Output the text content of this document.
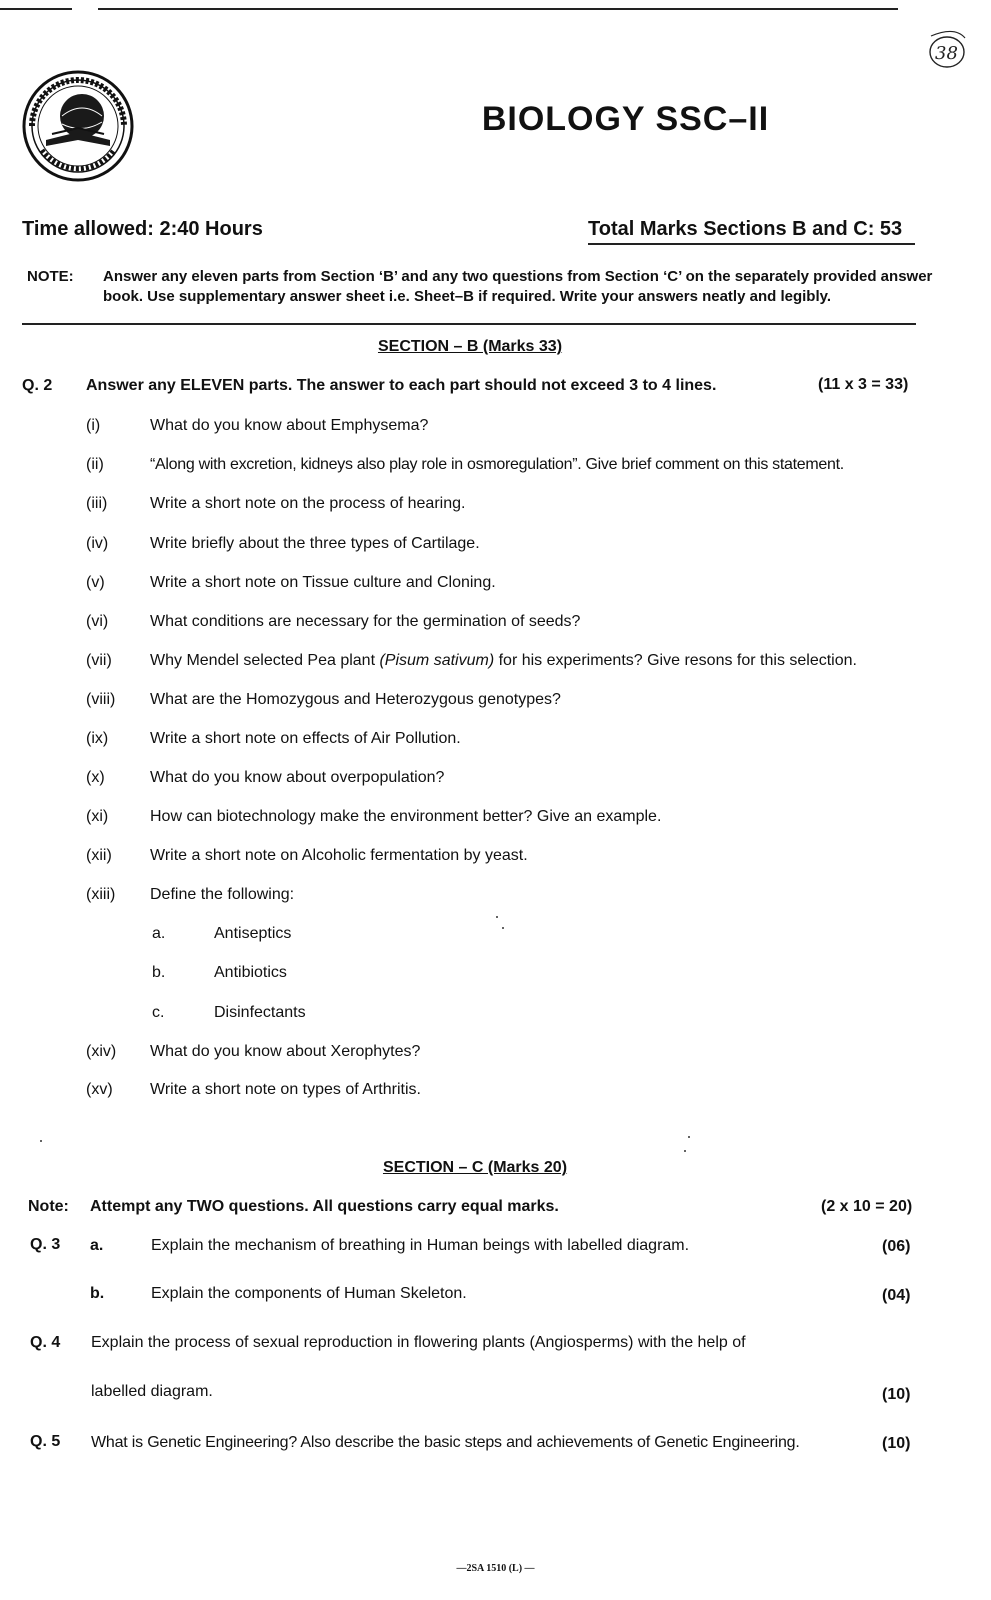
38
BIOLOGY SSC–II
Time allowed: 2:40 Hours	Total Marks Sections B and C: 53
NOTE: Answer any eleven parts from Section ‘B’ and any two questions from Section ‘C’ on the separately provided answer book. Use supplementary answer sheet i.e. Sheet–B if required. Write your answers neatly and legibly.
SECTION – B (Marks 33)
Q. 2 Answer any ELEVEN parts. The answer to each part should not exceed 3 to 4 lines.	(11 x 3 = 33)
(i)	What do you know about Emphysema?
(ii)	“Along with excretion, kidneys also play role in osmoregulation”. Give brief comment on this statement.
(iii)	Write a short note on the process of hearing.
(iv)	Write briefly about the three types of Cartilage.
(v)	Write a short note on Tissue culture and Cloning.
(vi)	What conditions are necessary for the germination of seeds?
(vii) Why Mendel selected Pea plant (Pisum sativum) for his experiments? Give resons for this selection.
(viii) What are the Homozygous and Heterozygous genotypes?
(ix)	Write a short note on effects of Air Pollution.
(x)	What do you know about overpopulation?
(xi)	How can biotechnology make the environment better? Give an example.
(xii) Write a short note on Alcoholic fermentation by yeast.
(xiii) Define the following:
a.	Antiseptics
b.	Antibiotics
c.	Disinfectants
(xiv) What do you know about Xerophytes?
(xv) Write a short note on types of Arthritis.
SECTION – C (Marks 20)
Note: Attempt any TWO questions. All questions carry equal marks.	(2 x 10 = 20)
Q. 3 a.	Explain the mechanism of breathing in Human beings with labelled diagram.	(06)
b.	Explain the components of Human Skeleton.	(04)
Q. 4 Explain the process of sexual reproduction in flowering plants (Angiosperms) with the help of
labelled diagram.	(10)
Q. 5 What is Genetic Engineering? Also describe the basic steps and achievements of Genetic Engineering.	(10)
—2SA 1510 (L) —
